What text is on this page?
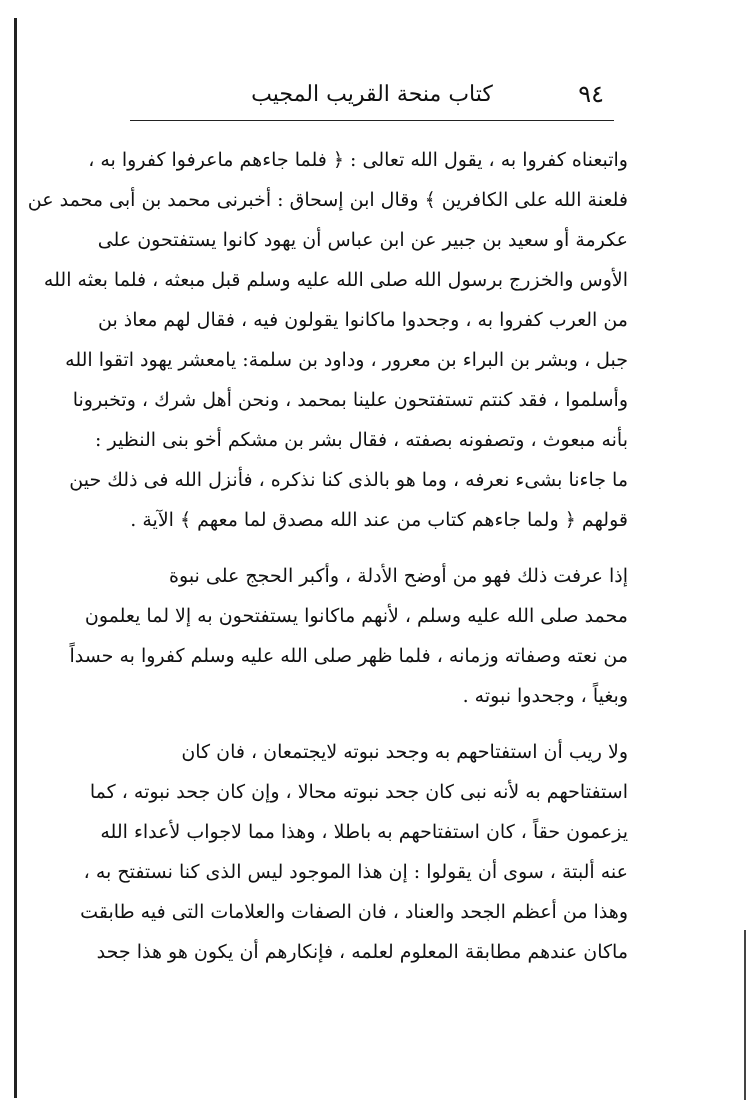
٩٤
كتاب منحة القريب المجيب
واتبعناه كفروا به ، يقول الله تعالى : ﴿ فلما جاءهم ماعرفوا كفروا به ،
فلعنة الله على الكافرين ﴾ وقال ابن إسحاق : أخبرنى محمد بن أبى محمد عن
عكرمة أو سعيد بن جبير عن ابن عباس أن يهود كانوا يستفتحون على
الأوس والخزرج برسول الله صلى الله عليه وسلم قبل مبعثه ، فلما بعثه الله
من العرب كفروا به ، وجحدوا ماكانوا يقولون فيه ، فقال لهم معاذ بن
جبل ، وبشر بن البراء بن معرور ، وداود بن سلمة: يامعشر يهود اتقوا الله
وأسلموا ، فقد كنتم تستفتحون علينا بمحمد ، ونحن أهل شرك ، وتخبرونا
بأنه مبعوث ، وتصفونه بصفته ، فقال بشر بن مشكم أخو بنى النظير :
ما جاءنا بشىء نعرفه ، وما هو بالذى كنا نذكره ، فأنزل الله فى ذلك حين
قولهم ﴿ ولما جاءهم كتاب من عند الله مصدق لما معهم ﴾ الآية .
إذا عرفت ذلك فهو من أوضح الأدلة ، وأكبر الحجج على نبوة
محمد صلى الله عليه وسلم ، لأنهم ماكانوا يستفتحون به إلا لما يعلمون
من نعته وصفاته وزمانه ، فلما ظهر صلى الله عليه وسلم كفروا به حسداً
وبغياً ، وجحدوا نبوته .
ولا ريب أن استفتاحهم به وجحد نبوته لايجتمعان ، فان كان
استفتاحهم به لأنه نبى كان جحد نبوته محالا ، وإن كان جحد نبوته ، كما
يزعمون حقاً ، كان استفتاحهم به باطلا ، وهذا مما لاجواب لأعداء الله
عنه ألبتة ، سوى أن يقولوا : إن هذا الموجود ليس الذى كنا نستفتح به ،
وهذا من أعظم الجحد والعناد ، فان الصفات والعلامات التى فيه طابقت
ماكان عندهم مطابقة المعلوم لعلمه ، فإنكارهم أن يكون هو هذا جحد
